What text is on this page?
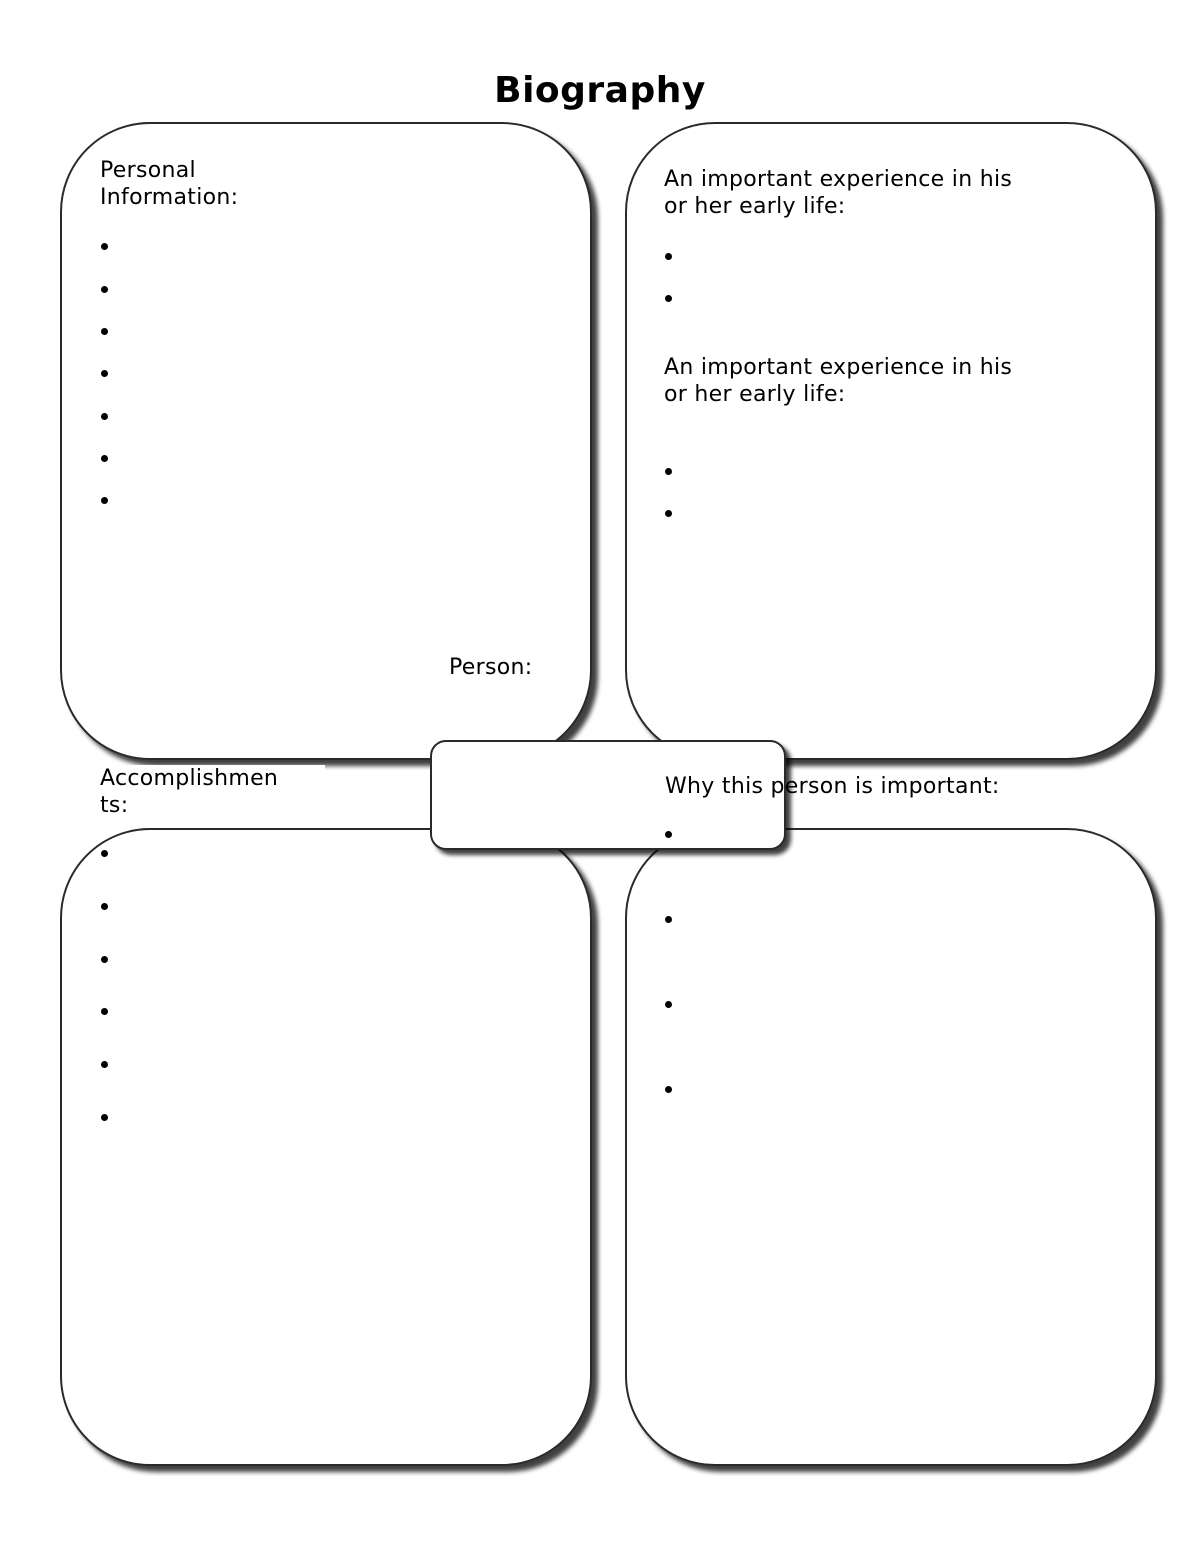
Biography
Personal
Information:
Person:
An important experience in his
or her early life:
An important experience in his
or her early life:
Accomplishmen
ts:
Why this person is important:
